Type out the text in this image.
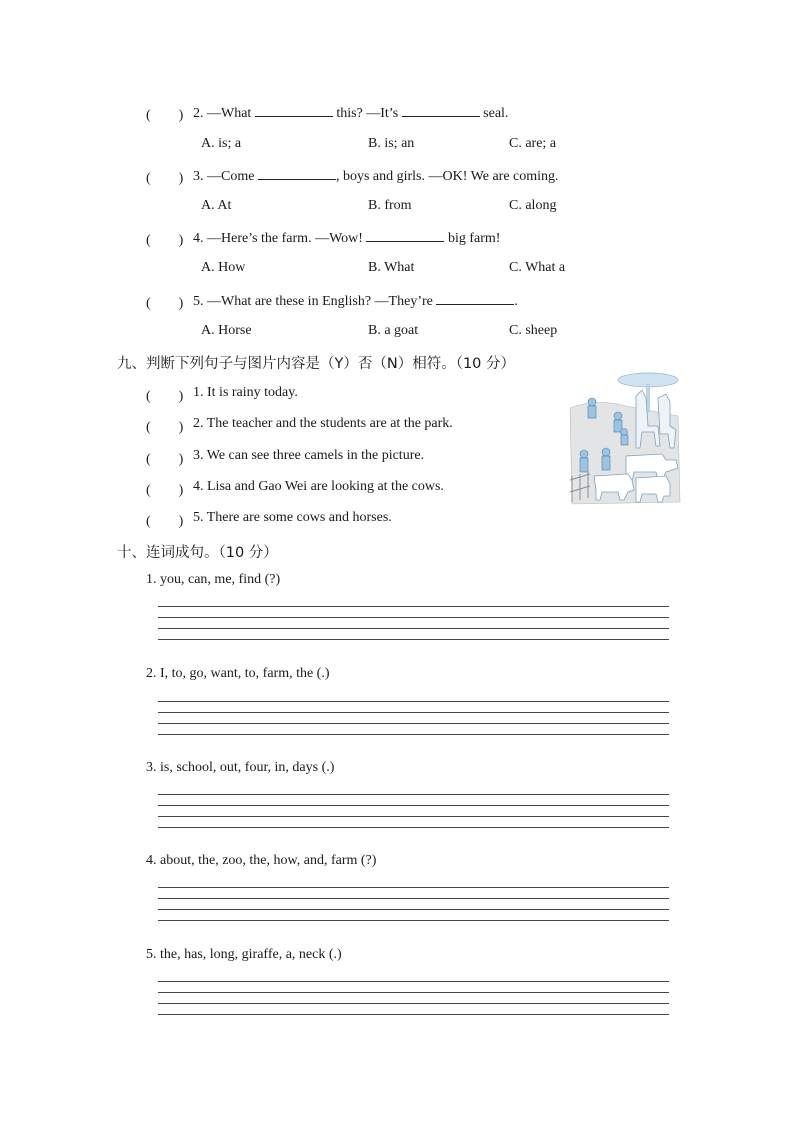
(　　) 2. —What	this? —It’s	seal.
A. is; a	B. is; an	C. are; a
(　　) 3. —Come	, boys and girls. —OK! We are coming.
A. At	B. from	C. along
(　　) 4. —Here’s the farm. —Wow!	big farm!
A. How	B. What	C. What a
(　　) 5. —What are these in English? —They’re	.
A. Horse	B. a goat	C. sheep
九、判断下列句子与图片内容是（Y）否（N）相符。（10 分）
(　　) 1. It is rainy today.
(　　) 2. The teacher and the students are at the park.
(　　) 3. We can see three camels in the picture.
(　　) 4. Lisa and Gao Wei are looking at the cows.
(　　) 5. There are some cows and horses.
十、连词成句。（10 分）
1. you, can, me, find (?)
2. I, to, go, want, to, farm, the (.)
3. is, school, out, four, in, days (.)
4. about, the, zoo, the, how, and, farm (?)
5. the, has, long, giraffe, a, neck (.)
